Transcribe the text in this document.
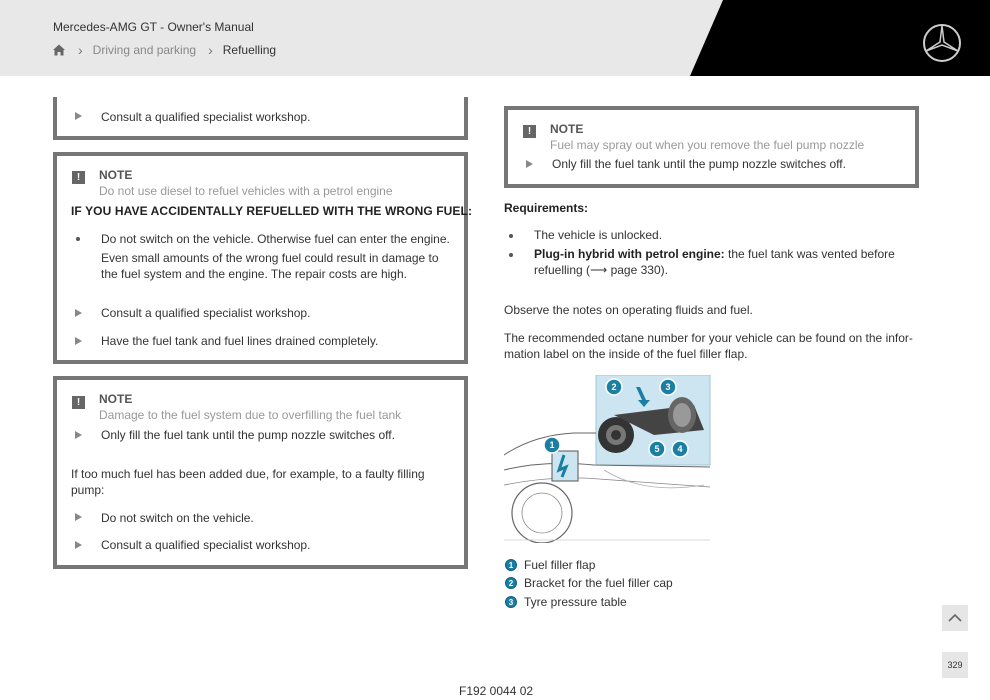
Mercedes-AMG GT - Owner's Manual
› Driving and parking › Refuelling
Consult a qualified specialist workshop.
!	NOTE
Do not use diesel to refuel vehicles with a petrol engine
IF YOU HAVE ACCIDENTALLY REFUELLED WITH THE WRONG FUEL:
Do not switch on the vehicle. Otherwise fuel can enter the engine.
Even small amounts of the wrong fuel could result in damage to
the fuel system and the engine. The repair costs are high.
Consult a qualified specialist workshop.
Have the fuel tank and fuel lines drained completely.
!	NOTE
Damage to the fuel system due to overfilling the fuel tank
Only fill the fuel tank until the pump nozzle switches off.
If too much fuel has been added due, for example, to a faulty filling
pump:
Do not switch on the vehicle.
Consult a qualified specialist workshop.
!	NOTE
Fuel may spray out when you remove the fuel pump nozzle
Only fill the fuel tank until the pump nozzle switches off.
Requirements:
The vehicle is unlocked.
Plug-in hybrid with petrol engine: the fuel tank was vented before
refuelling (⟶ page 330).
Observe the notes on operating fluids and fuel.
The recommended octane number for your vehicle can be found on the infor-
mation label on the inside of the fuel filler flap.
1
2	3
4
5
1 Fuel filler flap
2 Bracket for the fuel filler cap
3 Tyre pressure table
329
F192 0044 02
